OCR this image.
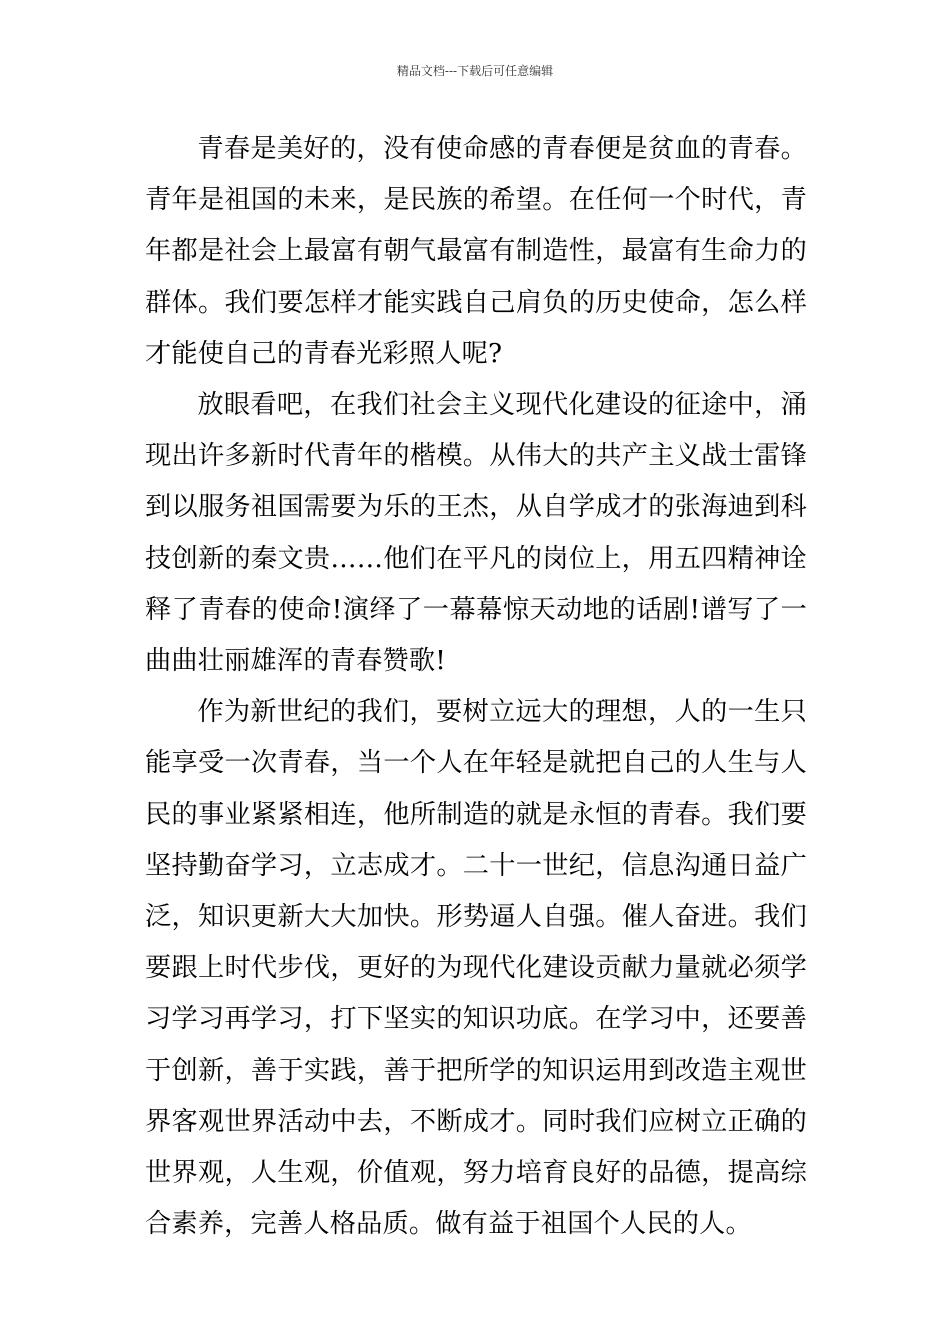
精品文档---下载后可任意编辑

青春是美好的，没有使命感的青春便是贫血的青春。青年是祖国的未来，是民族的希望。在任何一个时代，青年都是社会上最富有朝气最富有制造性，最富有生命力的群体。我们要怎样才能实践自己肩负的历史使命，怎么样才能使自己的青春光彩照人呢?

放眼看吧，在我们社会主义现代化建设的征途中，涌现出许多新时代青年的楷模。从伟大的共产主义战士雷锋到以服务祖国需要为乐的王杰，从自学成才的张海迪到科技创新的秦文贵……他们在平凡的岗位上，用五四精神诠释了青春的使命!演绎了一幕幕惊天动地的话剧!谱写了一曲曲壮丽雄浑的青春赞歌!

作为新世纪的我们，要树立远大的理想，人的一生只能享受一次青春，当一个人在年轻是就把自己的人生与人民的事业紧紧相连，他所制造的就是永恒的青春。我们要坚持勤奋学习，立志成才。二十一世纪，信息沟通日益广泛，知识更新大大加快。形势逼人自强。催人奋进。我们要跟上时代步伐，更好的为现代化建设贡献力量就必须学习学习再学习，打下坚实的知识功底。在学习中，还要善于创新，善于实践，善于把所学的知识运用到改造主观世界客观世界活动中去，不断成才。同时我们应树立正确的世界观，人生观，价值观，努力培育良好的品德，提高综合素养，完善人格品质。做有益于祖国个人民的人。
